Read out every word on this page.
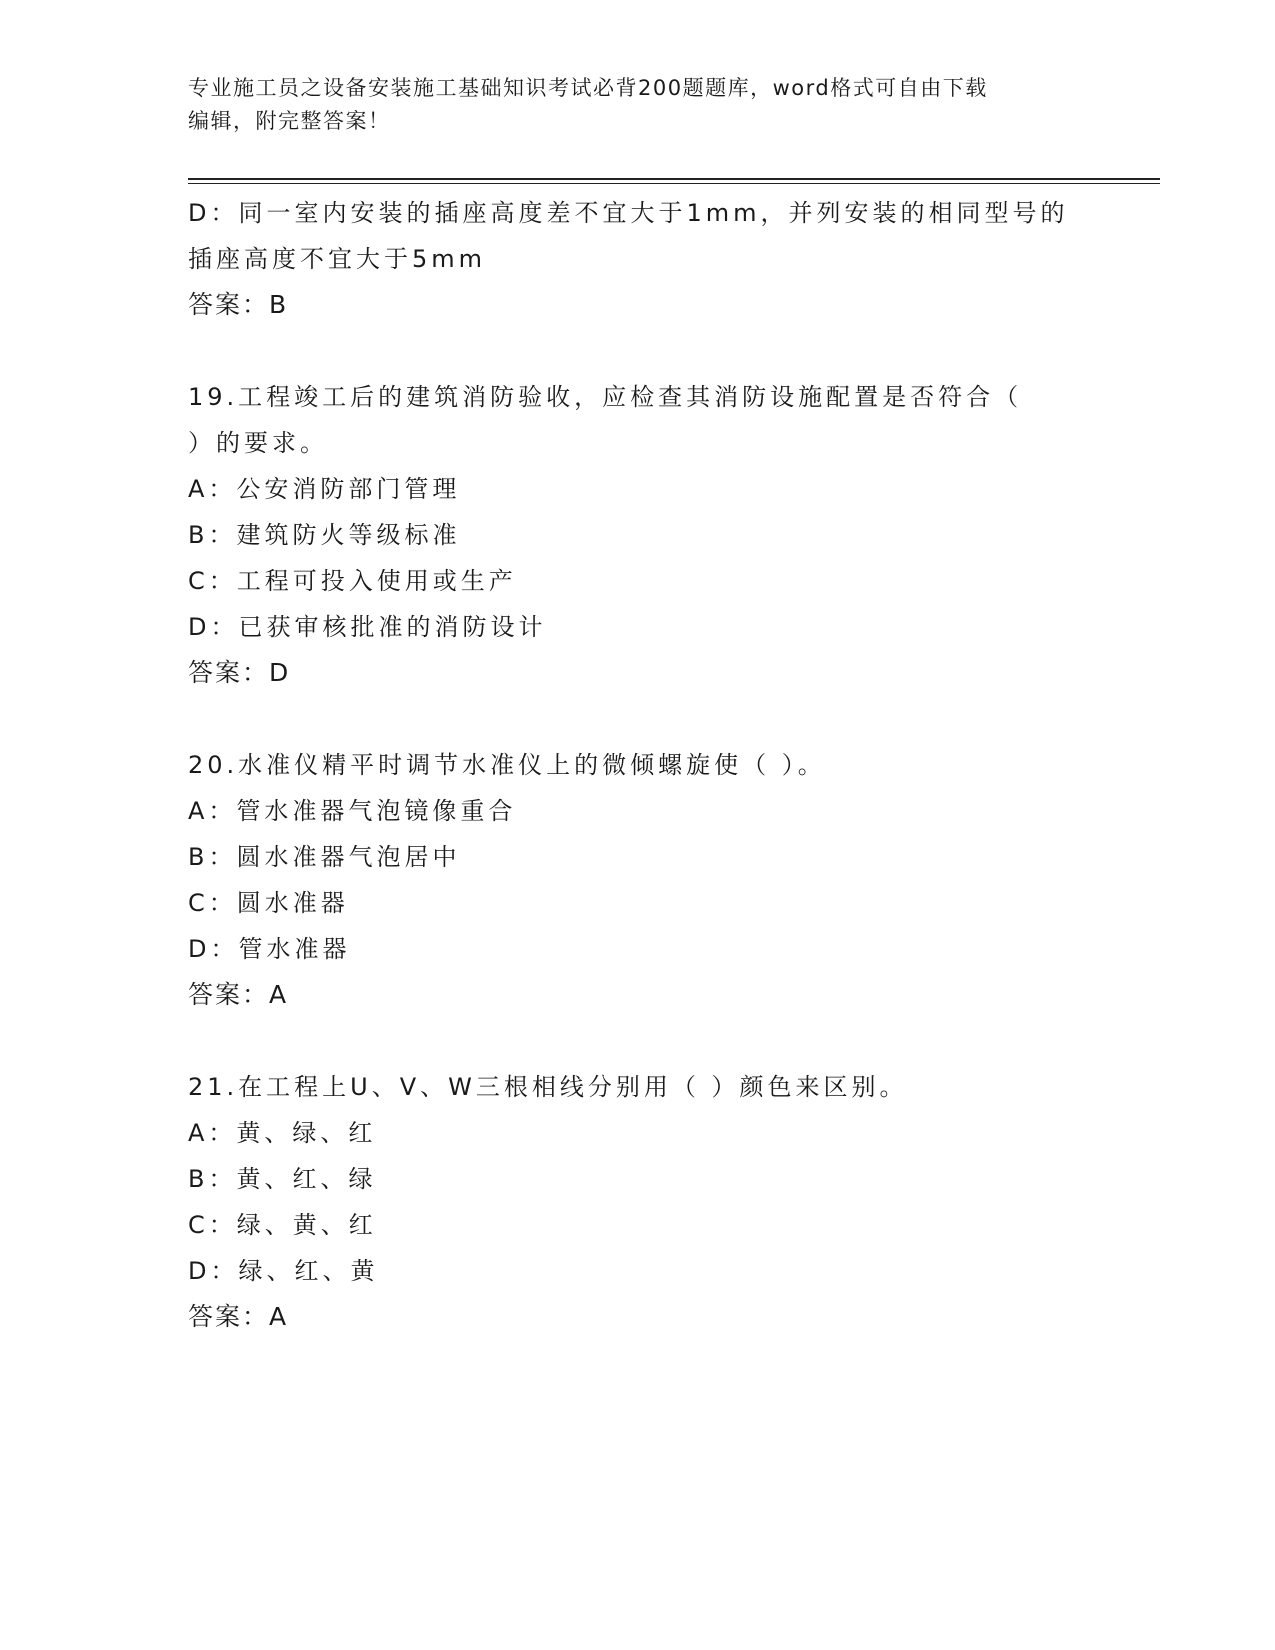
专业施工员之设备安装施工基础知识考试必背200题题库，word格式可自由下载
编辑，附完整答案！

D：同一室内安装的插座高度差不宜大于1mm，并列安装的相同型号的

插座高度不宜大于5mm

答案：B

19.工程竣工后的建筑消防验收，应检查其消防设施配置是否符合（

）的要求。

A：公安消防部门管理

B：建筑防火等级标准

C：工程可投入使用或生产

D：已获审核批准的消防设计

答案：D

20.水准仪精平时调节水准仪上的微倾螺旋使（ ）。

A：管水准器气泡镜像重合

B：圆水准器气泡居中

C：圆水准器

D：管水准器

答案：A

21.在工程上U、V、W三根相线分别用（ ）颜色来区别。

A：黄、绿、红

B：黄、红、绿

C：绿、黄、红

D：绿、红、黄

答案：A
